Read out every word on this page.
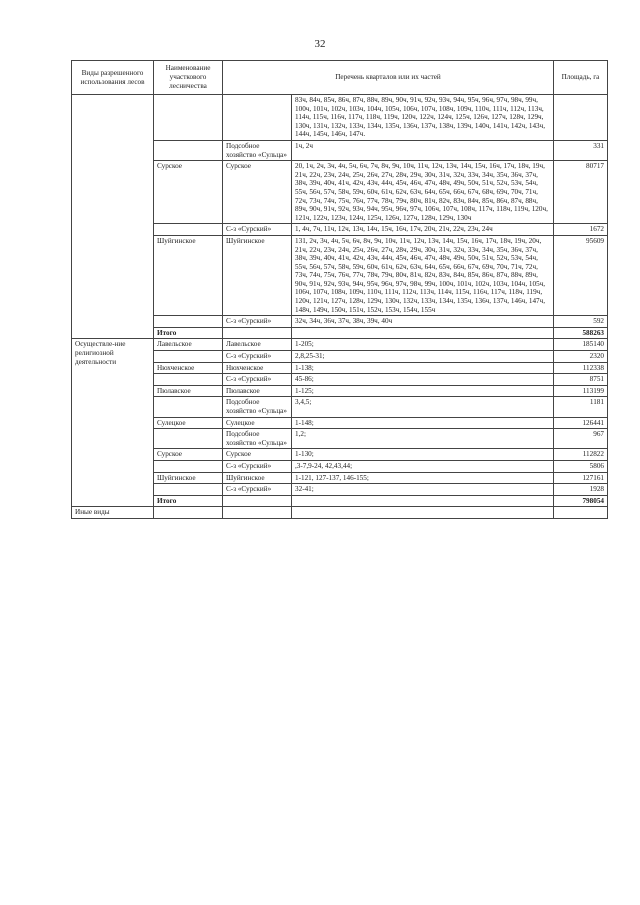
32
Виды разрешенного использования лесов	Наименование участкового лесничества	Перечень кварталов или их частей		Площадь, га
			83ч, 84ч, 85ч, 86ч, 87ч, 88ч, 89ч, 90ч, 91ч, 92ч, 93ч, 94ч, 95ч, 96ч, 97ч, 98ч, 99ч, 100ч, 101ч, 102ч, 103ч, 104ч, 105ч, 106ч, 107ч, 108ч, 109ч, 110ч, 111ч, 112ч, 113ч, 114ч, 115ч, 116ч, 117ч, 118ч, 119ч, 120ч, 122ч, 124ч, 125ч, 126ч, 127ч, 128ч, 129ч, 130ч, 131ч, 132ч, 133ч, 134ч, 135ч, 136ч, 137ч, 138ч, 139ч, 140ч, 141ч, 142ч, 143ч, 144ч, 145ч, 146ч, 147ч.	
		Подсобное хозяйство «Сульца»	1ч, 2ч	331
	Сурское	Сурское	20, 1ч, 2ч, 3ч, 4ч, 5ч, 6ч, 7ч, 8ч, 9ч, 10ч, 11ч, 12ч, 13ч, 14ч, 15ч, 16ч, 17ч, 18ч, 19ч, 21ч, 22ч, 23ч, 24ч, 25ч, 26ч, 27ч, 28ч, 29ч, 30ч, 31ч, 32ч, 33ч, 34ч, 35ч, 36ч, 37ч, 38ч, 39ч, 40ч, 41ч, 42ч, 43ч, 44ч, 45ч, 46ч, 47ч, 48ч, 49ч, 50ч, 51ч, 52ч, 53ч, 54ч, 55ч, 56ч, 57ч, 58ч, 59ч, 60ч, 61ч, 62ч, 63ч, 64ч, 65ч, 66ч, 67ч, 68ч, 69ч, 70ч, 71ч, 72ч, 73ч, 74ч, 75ч, 76ч, 77ч, 78ч, 79ч, 80ч, 81ч, 82ч, 83ч, 84ч, 85ч, 86ч, 87ч, 88ч, 89ч, 90ч, 91ч, 92ч, 93ч, 94ч, 95ч, 96ч, 97ч, 106ч, 107ч, 108ч, 117ч, 118ч, 119ч, 120ч, 121ч, 122ч, 123ч, 124ч, 125ч, 126ч, 127ч, 128ч, 129ч, 130ч	80717
		С-з «Сурский»	1, 4ч, 7ч, 11ч, 12ч, 13ч, 14ч, 15ч, 16ч, 17ч, 20ч, 21ч, 22ч, 23ч, 24ч	1672
	Шуйгинское	Шуйгинское	131, 2ч, 3ч, 4ч, 5ч, 6ч, 8ч, 9ч, 10ч, 11ч, 12ч, 13ч, 14ч, 15ч, 16ч, 17ч, 18ч, 19ч, 20ч, 21ч, 22ч, 23ч, 24ч, 25ч, 26ч, 27ч, 28ч, 29ч, 30ч, 31ч, 32ч, 33ч, 34ч, 35ч, 36ч, 37ч, 38ч, 39ч, 40ч, 41ч, 42ч, 43ч, 44ч, 45ч, 46ч, 47ч, 48ч, 49ч, 50ч, 51ч, 52ч, 53ч, 54ч, 55ч, 56ч, 57ч, 58ч, 59ч, 60ч, 61ч, 62ч, 63ч, 64ч, 65ч, 66ч, 67ч, 69ч, 70ч, 71ч, 72ч, 73ч, 74ч, 75ч, 76ч, 77ч, 78ч, 79ч, 80ч, 81ч, 82ч, 83ч, 84ч, 85ч, 86ч, 87ч, 88ч, 89ч, 90ч, 91ч, 92ч, 93ч, 94ч, 95ч, 96ч, 97ч, 98ч, 99ч, 100ч, 101ч, 102ч, 103ч, 104ч, 105ч, 106ч, 107ч, 108ч, 109ч, 110ч, 111ч, 112ч, 113ч, 114ч, 115ч, 116ч, 117ч, 118ч, 119ч, 120ч, 121ч, 127ч, 128ч, 129ч, 130ч, 132ч, 133ч, 134ч, 135ч, 136ч, 137ч, 146ч, 147ч, 148ч, 149ч, 150ч, 151ч, 152ч, 153ч, 154ч, 155ч	95609
		С-з «Сурский»	32ч, 34ч, 36ч, 37ч, 38ч, 39ч, 40ч	592
	Итого			588263
Осуществле-ние религиозной деятельности	Лавельское	Лавельское	1-205;	185140
		С-з «Сурский»	2,8,25-31;	2320
	Нюхченское	Нюхченское	1-138;	112338
		С-з «Сурский»	45-86;	8751
	Пюлавское	Пюлавское	1-125;	113199
		Подсобное хозяйство «Сульца»	3,4,5;	1181
	Сулецкое	Сулецкое	1-148;	126441
		Подсобное хозяйство «Сульца»	1,2;	967
	Сурское	Сурское	1-130;	112822
		С-з «Сурский»	,3-7,9-24, 42,43,44;	5806
	Шуйгинское	Шуйгинское	1-121, 127-137, 146-155;	127161
		С-з «Сурский»	32-41;	1928
	Итого			798054
Иные виды				
